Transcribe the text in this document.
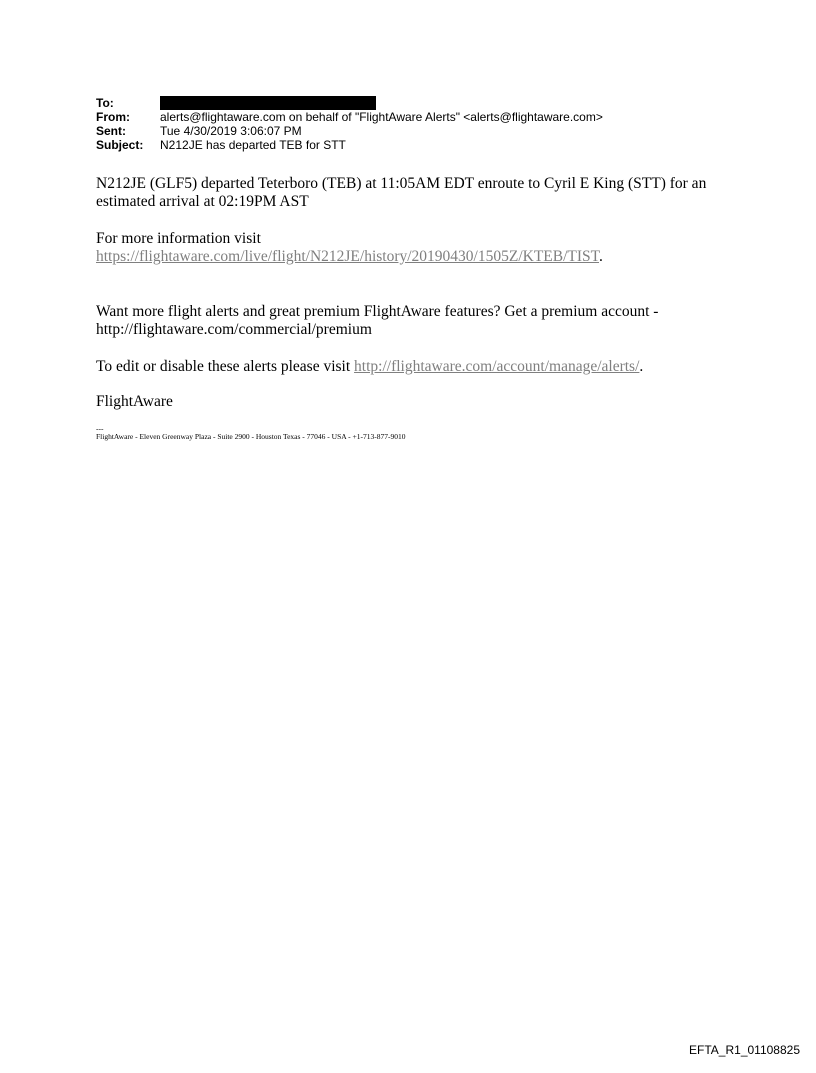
To:
From:	alerts@flightaware.com on behalf of "FlightAware Alerts" <alerts@flightaware.com>
Sent:	Tue 4/30/2019 3:06:07 PM
Subject:	N212JE has departed TEB for STT

N212JE (GLF5) departed Teterboro (TEB) at 11:05AM EDT enroute to Cyril E King (STT) for an estimated arrival at 02:19PM AST

For more information visit
https://flightaware.com/live/flight/N212JE/history/20190430/1505Z/KTEB/TIST.

Want more flight alerts and great premium FlightAware features? Get a premium account - http://flightaware.com/commercial/premium

To edit or disable these alerts please visit http://flightaware.com/account/manage/alerts/.

FlightAware

---
FlightAware - Eleven Greenway Plaza - Suite 2900 - Houston Texas - 77046 - USA - +1-713-877-9010
EFTA_R1_01108825
